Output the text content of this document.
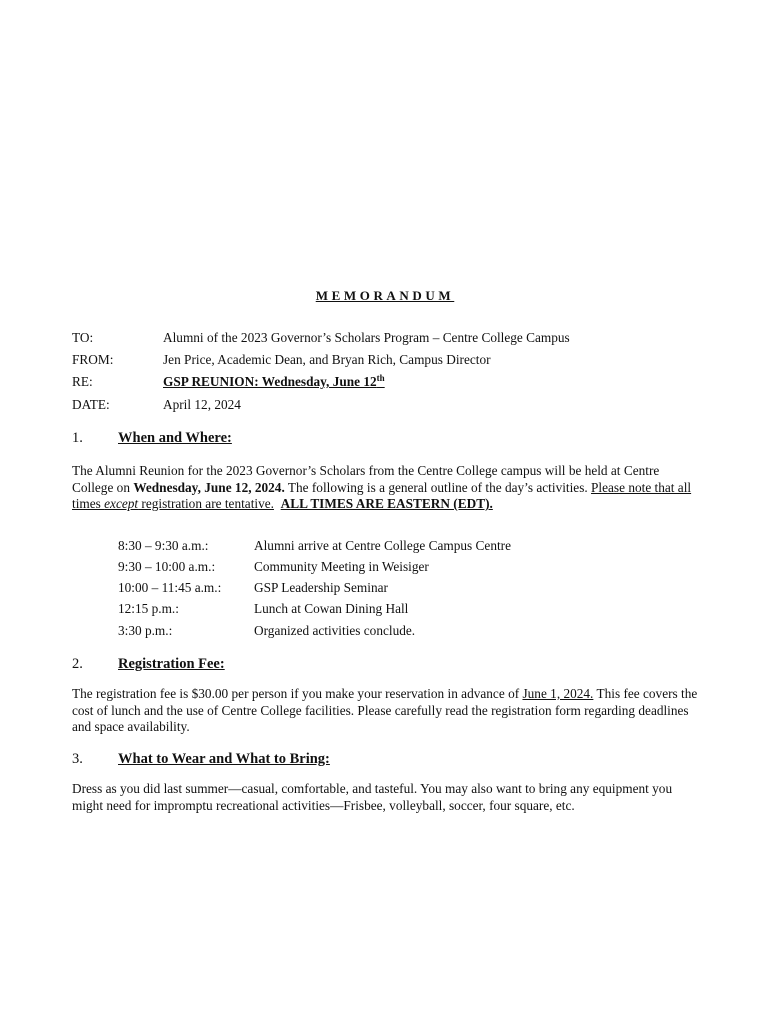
MEMORANDUM
TO:	Alumni of the 2023 Governor’s Scholars Program – Centre College Campus
FROM:	Jen Price, Academic Dean, and Bryan Rich, Campus Director
RE:	GSP REUNION: Wednesday, June 12th
DATE:	April 12, 2024
1. When and Where:
The Alumni Reunion for the 2023 Governor’s Scholars from the Centre College campus will be held at Centre College on Wednesday, June 12, 2024. The following is a general outline of the day’s activities. Please note that all times except registration are tentative. ALL TIMES ARE EASTERN (EDT).
8:30 – 9:30 a.m.:	Alumni arrive at Centre College Campus Centre
9:30 – 10:00 a.m.:	Community Meeting in Weisiger
10:00 – 11:45 a.m.: GSP Leadership Seminar
12:15 p.m.:	Lunch at Cowan Dining Hall
3:30 p.m.:	Organized activities conclude.
2. Registration Fee:
The registration fee is $30.00 per person if you make your reservation in advance of June 1, 2024. This fee covers the cost of lunch and the use of Centre College facilities. Please carefully read the registration form regarding deadlines and space availability.
3. What to Wear and What to Bring:
Dress as you did last summer—casual, comfortable, and tasteful. You may also want to bring any equipment you might need for impromptu recreational activities—Frisbee, volleyball, soccer, four square, etc.
